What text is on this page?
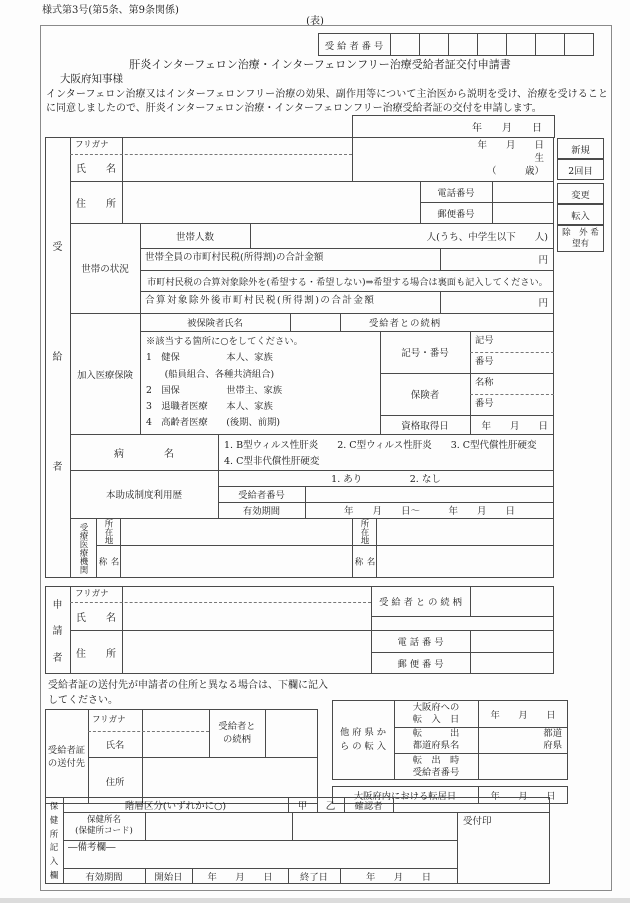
様式第3号(第5条、第9条関係)
(表)
受 給 者 番 号
肝炎インターフェロン治療・インターフェロンフリー治療受給者証交付申請書
大阪府知事様
インターフェロン治療又はインターフェロンフリー治療の効果、副作用等について主治医から説明を受け、治療を受けることに同意しましたので、肝炎インターフェロン治療・インターフェロンフリー治療受給者証の交付を申請します。
年　　月　　日
受
給
者
フリガナ
氏　　名
年　　月　　日
生
（　　　歳）
住　　所
電話番号
郵便番号
新規
2回目
変更
転入
除　外 希望有
世帯の状況
世帯人数	人(うち、中学生以下　　人)
世帯全員の市町村民税(所得割)の合計金額	円
市町村民税の合算対象除外を(希望する・希望しない)⇒希望する場合は裏面も記入してください。
合算対象除外後市町村民税(所得割)の合計金額	円
加入医療保険
被保険者氏名	受給者との続柄
※該当する箇所に○をしてください。
1　健保　　　　　本人、家族
　　(船員組合、各種共済組合)
2　国保　　　　　世帯主、家族
3　退職者医療　　本人、家族
4　高齢者医療　　(後期、前期)
記号・番号
記号
番号
保険者
名称
番号
資格取得日	年　　月　　日
病　　　　名
1. B型ウィルス性肝炎　　2. C型ウィルス性肝炎　　3. C型代償性肝硬変
4. C型非代償性肝硬変
本助成制度利用歴
1. あり　　　　　2. なし
受給者番号
有効期間	年　　月　　日～　　　年　　月　　日
受療医療機関 所在地
名
称
所在地
名
称
申
請
者
フリガナ
氏　　名
受 給 者 と の 続 柄
住　　所
電 話 番 号
郵 便 番 号
受給者証の送付先が申請者の住所と異なる場合は、下欄に記入してください。
受給者証
の送付先
フリガナ
氏名
受給者と
の続柄
住所
他 府 県 か
ら の 転 入
大阪府への
転　入　日	年　　月　　日
転　　　出
都道府県名
都道
府県
転　出　時
受給者番号
大阪府内における転居日	年　　月　　日
保
健
所
記
入
欄
階層区分(いずれかに○)	甲	乙	確認者
受付印
保健所名
(保健所コード)
―備考欄―
有効期間	開始日	年　　月　　日	終了日	年　　月　　日
